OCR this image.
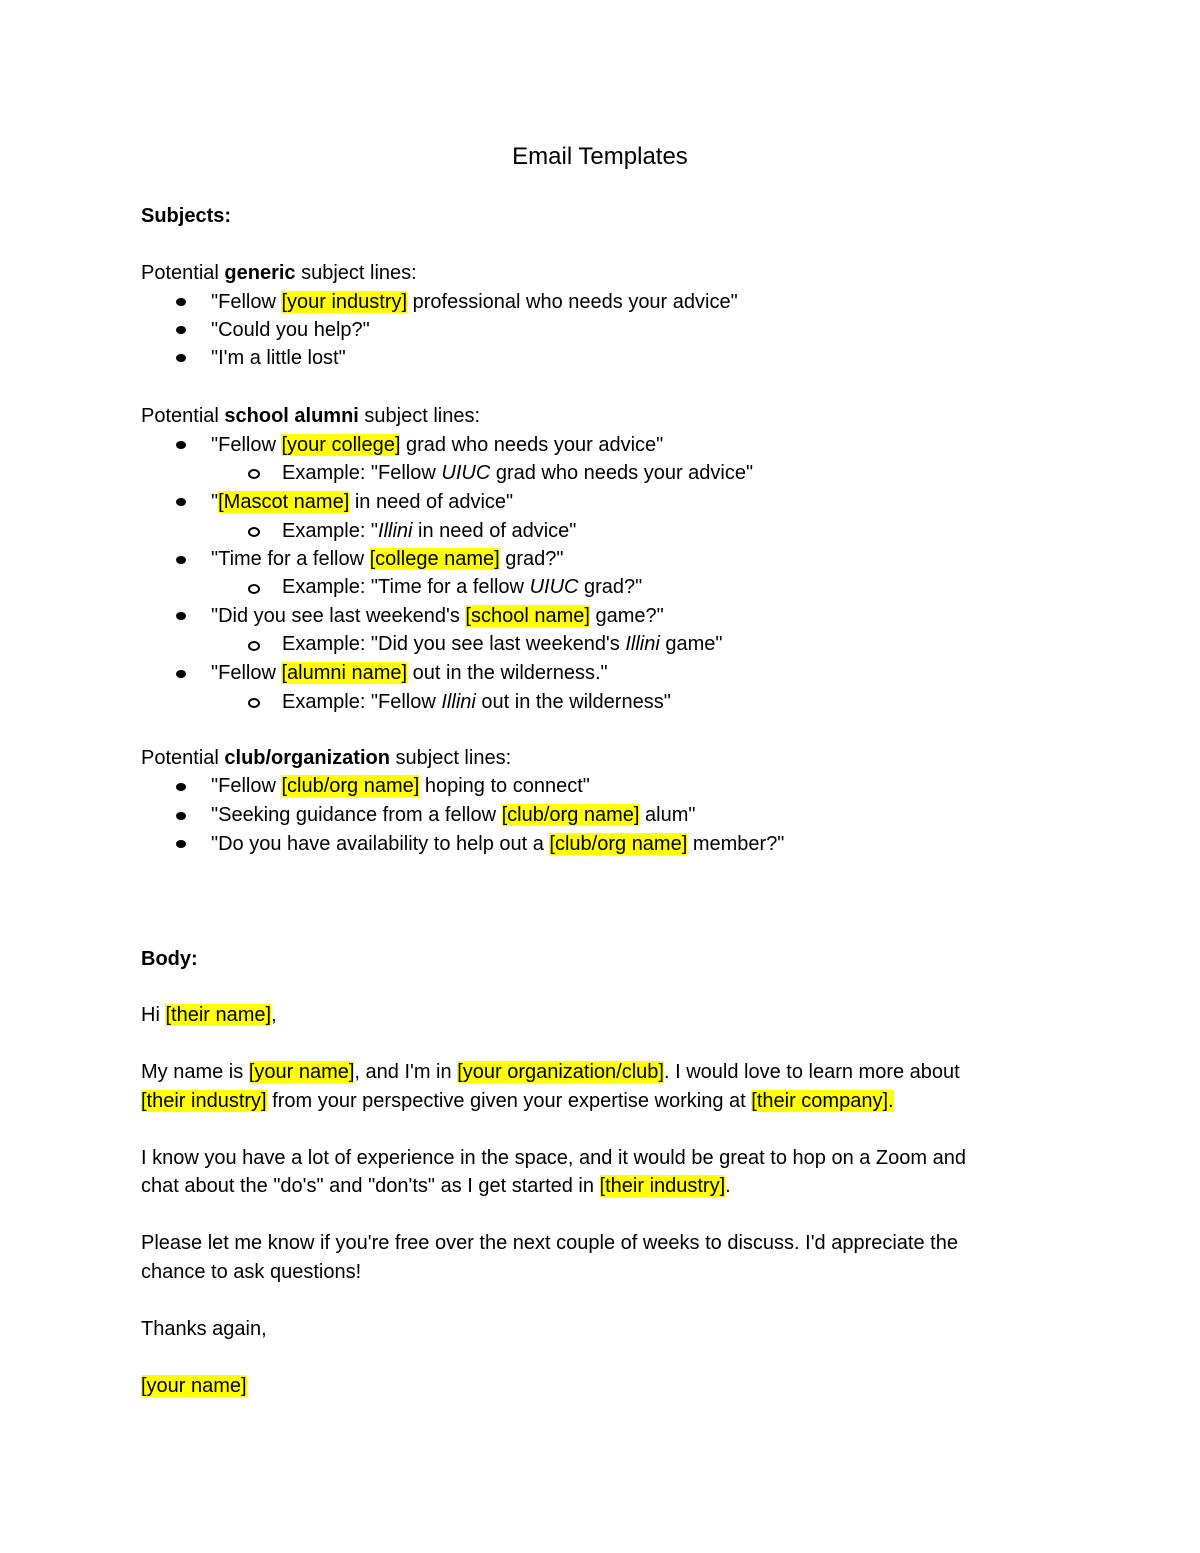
Email Templates
Subjects:
Potential generic subject lines:
"Fellow [your industry] professional who needs your advice"
"Could you help?"
"I'm a little lost"
Potential school alumni subject lines:
"Fellow [your college] grad who needs your advice"
Example: "Fellow UIUC grad who needs your advice"
"[Mascot name] in need of advice"
Example: "Illini in need of advice"
"Time for a fellow [college name] grad?"
Example: "Time for a fellow UIUC grad?"
"Did you see last weekend's [school name] game?"
Example: "Did you see last weekend's Illini game"
"Fellow [alumni name] out in the wilderness."
Example: "Fellow Illini out in the wilderness"
Potential club/organization subject lines:
"Fellow [club/org name] hoping to connect"
"Seeking guidance from a fellow [club/org name] alum"
"Do you have availability to help out a [club/org name] member?"
Body:
Hi [their name],
My name is [your name], and I'm in [your organization/club]. I would love to learn more about
[their industry] from your perspective given your expertise working at [their company].
I know you have a lot of experience in the space, and it would be great to hop on a Zoom and
chat about the "do's" and "don'ts" as I get started in [their industry].
Please let me know if you're free over the next couple of weeks to discuss. I'd appreciate the
chance to ask questions!
Thanks again,
[your name]
